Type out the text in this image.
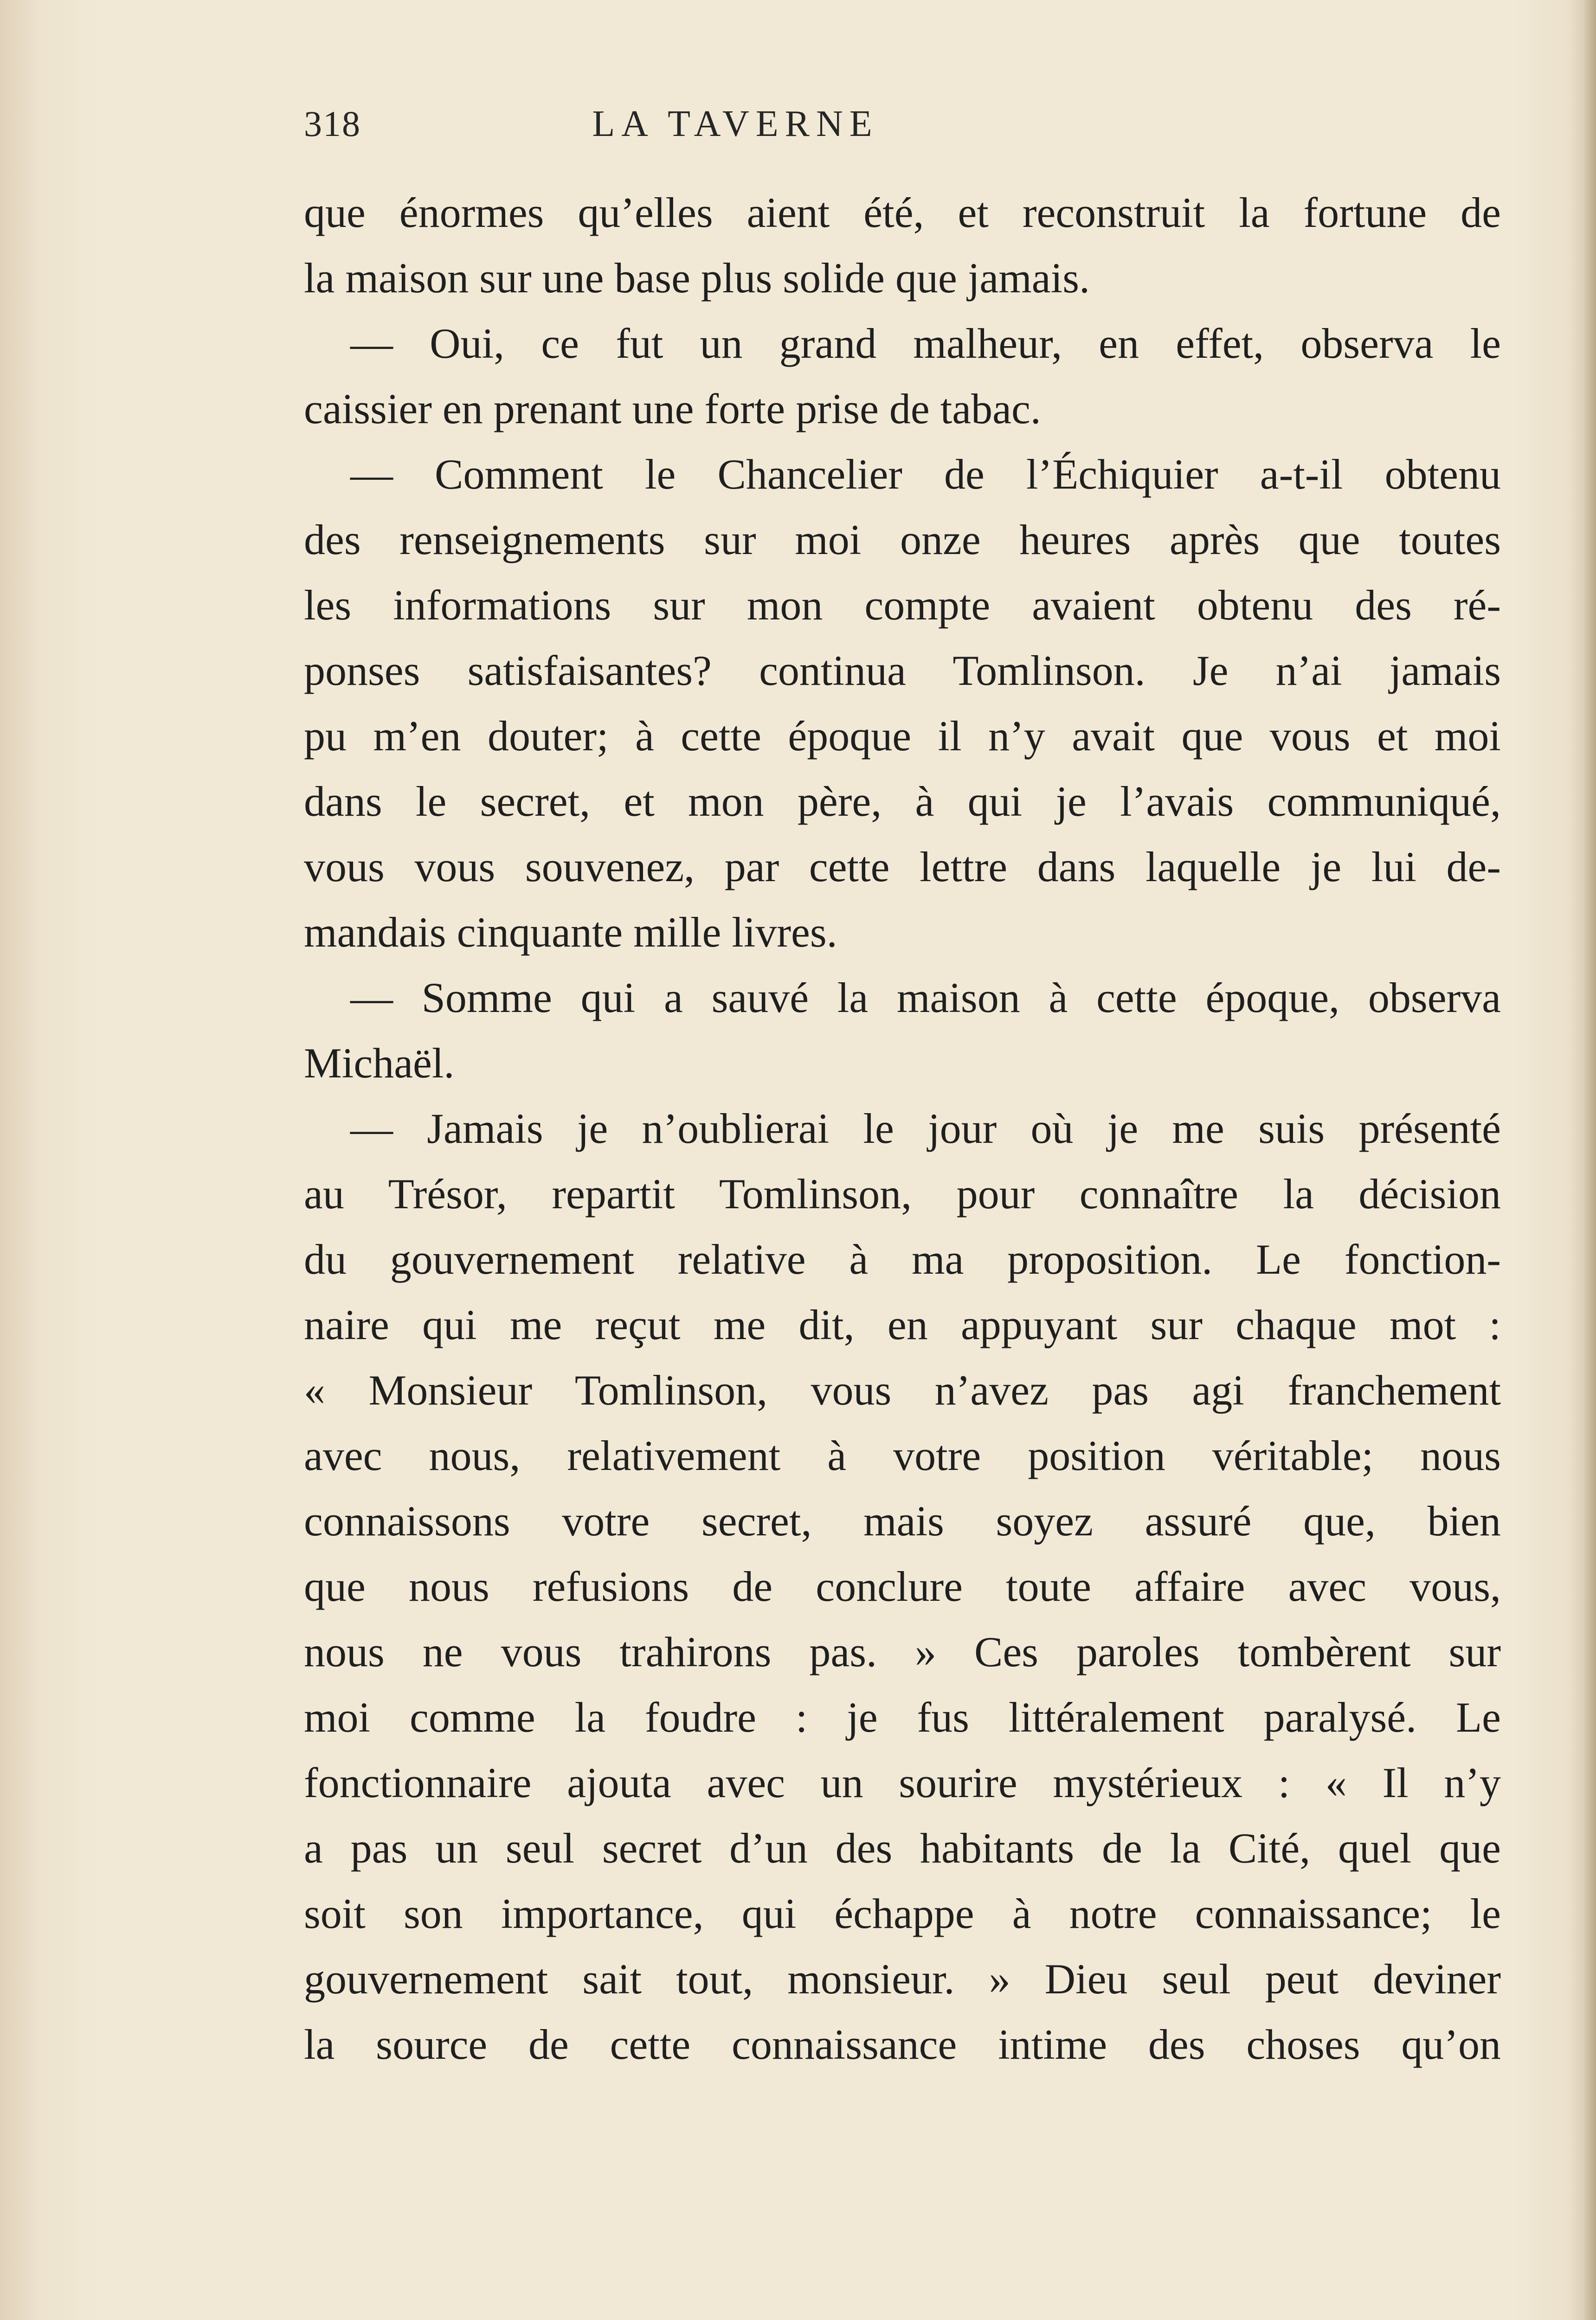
318	LA TAVERNE
que énormes qu’elles aient été, et reconstruit la fortune de
la maison sur une base plus solide que jamais.
— Oui, ce fut un grand malheur, en effet, observa le
caissier en prenant une forte prise de tabac.
— Comment le Chancelier de l’Échiquier a-t-il obtenu
des renseignements sur moi onze heures après que toutes
les informations sur mon compte avaient obtenu des ré-
ponses satisfaisantes? continua Tomlinson. Je n’ai jamais
pu m’en douter; à cette époque il n’y avait que vous et moi
dans le secret, et mon père, à qui je l’avais communiqué,
vous vous souvenez, par cette lettre dans laquelle je lui de-
mandais cinquante mille livres.
— Somme qui a sauvé la maison à cette époque, observa
Michaël.
— Jamais je n’oublierai le jour où je me suis présenté
au Trésor, repartit Tomlinson, pour connaître la décision
du gouvernement relative à ma proposition. Le fonction-
naire qui me reçut me dit, en appuyant sur chaque mot :
« Monsieur Tomlinson, vous n’avez pas agi franchement
avec nous, relativement à votre position véritable; nous
connaissons votre secret, mais soyez assuré que, bien
que nous refusions de conclure toute affaire avec vous,
nous ne vous trahirons pas. » Ces paroles tombèrent sur
moi comme la foudre : je fus littéralement paralysé. Le
fonctionnaire ajouta avec un sourire mystérieux : « Il n’y
a pas un seul secret d’un des habitants de la Cité, quel que
soit son importance, qui échappe à notre connaissance; le
gouvernement sait tout, monsieur. » Dieu seul peut deviner
la source de cette connaissance intime des choses qu’on
